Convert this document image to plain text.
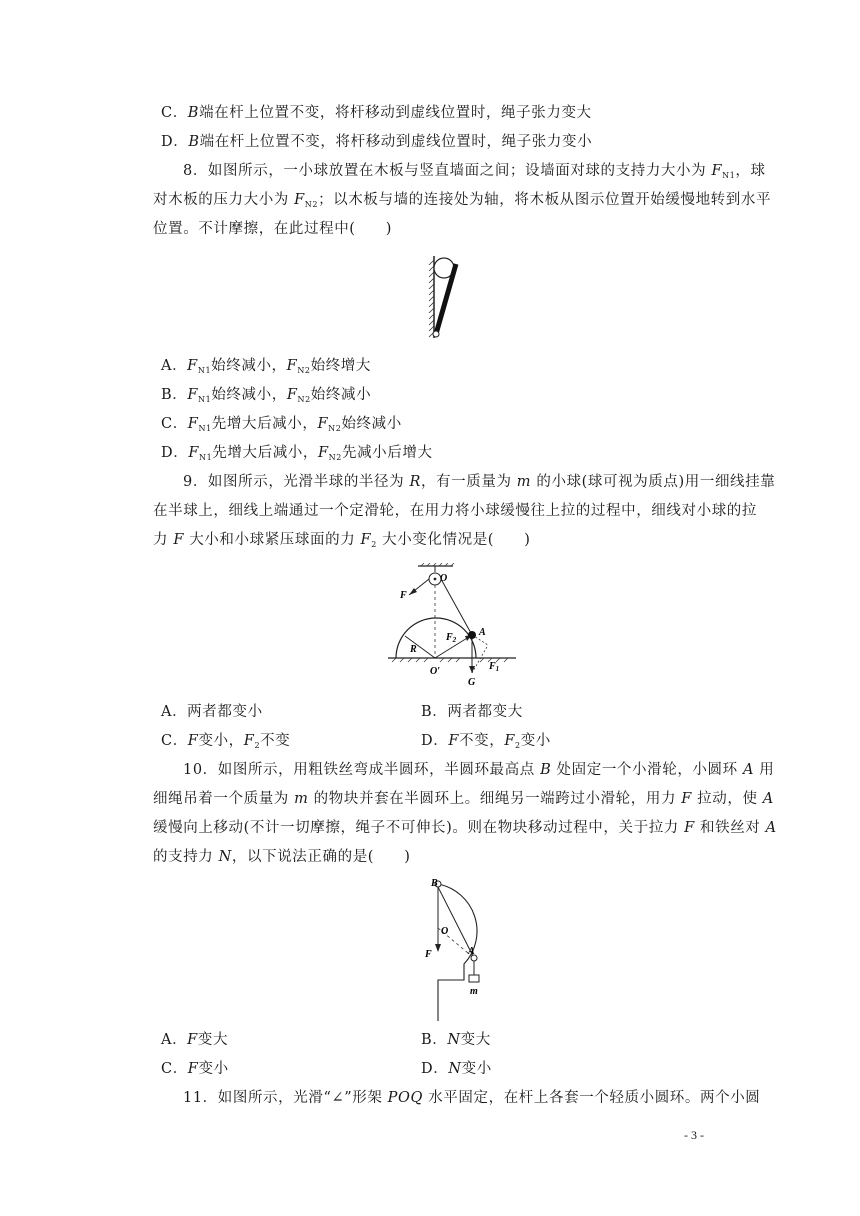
C．B端在杆上位置不变，将杆移动到虚线位置时，绳子张力变大
D．B端在杆上位置不变，将杆移动到虚线位置时，绳子张力变小
8．如图所示，一小球放置在木板与竖直墙面之间；设墙面对球的支持力大小为 $F_{N1}$，球
对木板的压力大小为 $F_{N2}$；以木板与墙的连接处为轴，将木板从图示位置开始缓慢地转到水平
位置。不计摩擦，在此过程中(　　)
A．$F_{N1}$始终减小，$F_{N2}$始终增大
B．$F_{N1}$始终减小，$F_{N2}$始终减小
C．$F_{N1}$先增大后减小，$F_{N2}$始终减小
D．$F_{N1}$先增大后减小，$F_{N2}$先减小后增大
9．如图所示，光滑半球的半径为 R，有一质量为 m 的小球(球可视为质点)用一细线挂靠
在半球上，细线上端通过一个定滑轮，在用力将小球缓慢往上拉的过程中，细线对小球的拉
力 F 大小和小球紧压球面的力 $F_2$ 大小变化情况是(　　)
O
F
$F_2$
A
R
O′	$F_1$
G
A．两者都变小	B．两者都变大
C．F变小，$F_2$不变	D．F不变，$F_2$变小
10．如图所示，用粗铁丝弯成半圆环，半圆环最高点 B 处固定一个小滑轮，小圆环 A 用
细绳吊着一个质量为 m 的物块并套在半圆环上。细绳另一端跨过小滑轮，用力 F 拉动，使 A
缓慢向上移动(不计一切摩擦，绳子不可伸长)。则在物块移动过程中，关于拉力 F 和铁丝对 A
的支持力 N，以下说法正确的是(　　)
B
O
F	A
m
A．F变大	B．N变大
C．F变小	D．N变小
11．如图所示，光滑“∠”形架 POQ 水平固定，在杆上各套一个轻质小圆环。两个小圆
- 3 -
